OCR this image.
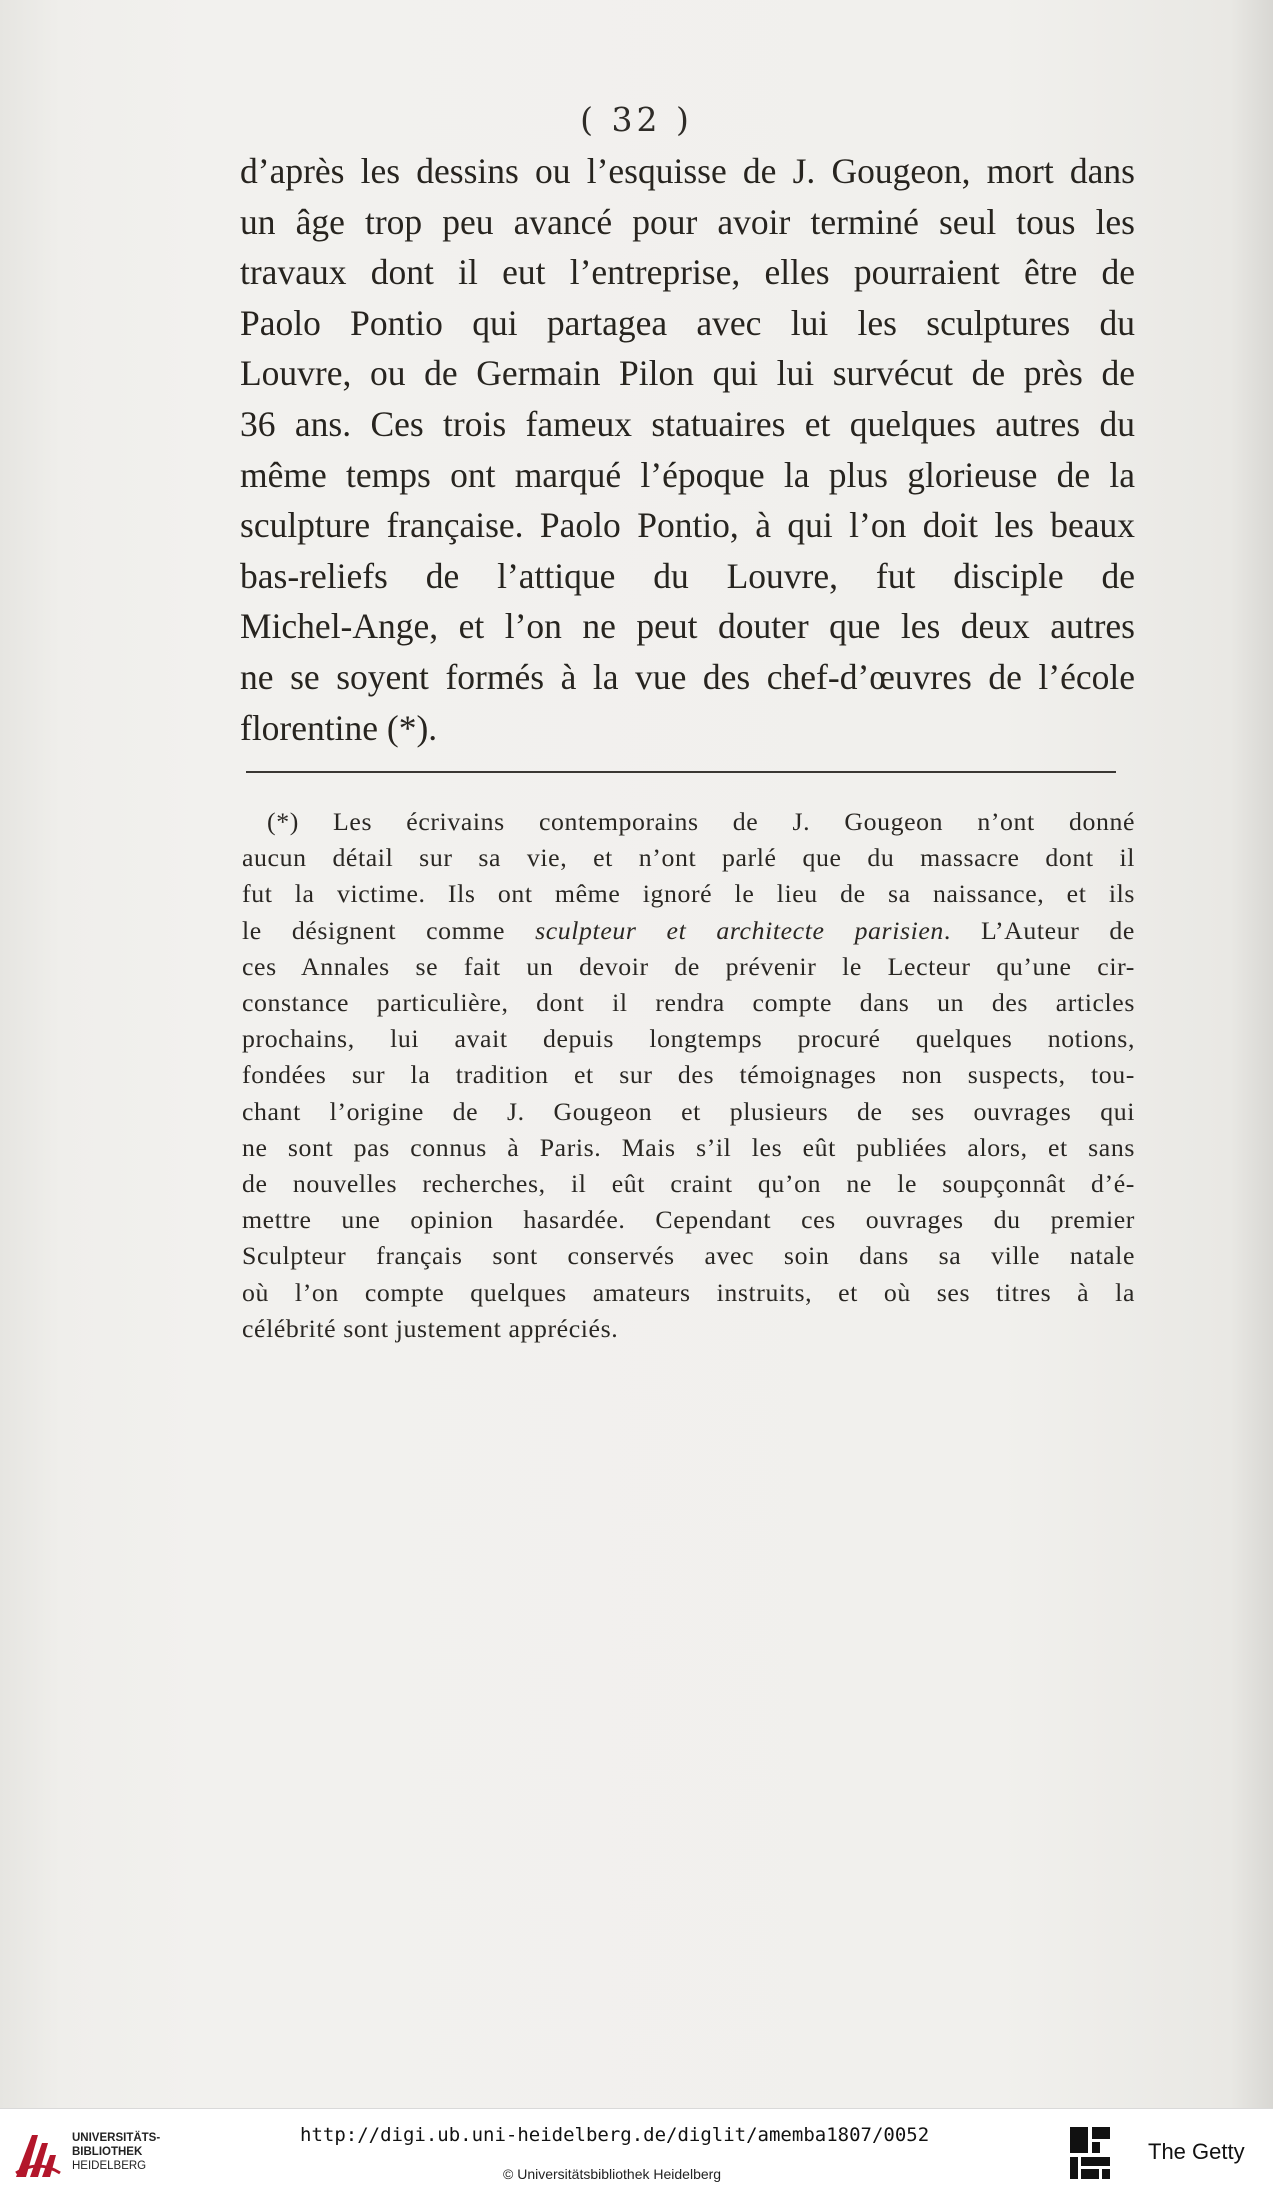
( 32 )
d’après les dessins ou l’esquisse de J. Gougeon, mort dans
un âge trop peu avancé pour avoir terminé seul tous les
travaux dont il eut l’entreprise, elles pourraient être de
Paolo Pontio qui partagea avec lui les sculptures du
Louvre, ou de Germain Pilon qui lui survécut de près de
36 ans. Ces trois fameux statuaires et quelques autres du
même temps ont marqué l’époque la plus glorieuse de la
sculpture française. Paolo Pontio, à qui l’on doit les beaux
bas-reliefs de l’attique du Louvre, fut disciple de
Michel-Ange, et l’on ne peut douter que les deux autres
ne se soyent formés à la vue des chef-d’œuvres de l’école
florentine (*).
(*) Les écrivains contemporains de J. Gougeon n’ont donné
aucun détail sur sa vie, et n’ont parlé que du massacre dont il
fut la victime. Ils ont même ignoré le lieu de sa naissance, et ils
le désignent comme sculpteur et architecte parisien. L’Auteur de
ces Annales se fait un devoir de prévenir le Lecteur qu’une cir-
constance particulière, dont il rendra compte dans un des articles
prochains, lui avait depuis longtemps procuré quelques notions,
fondées sur la tradition et sur des témoignages non suspects, tou-
chant l’origine de J. Gougeon et plusieurs de ses ouvrages qui
ne sont pas connus à Paris. Mais s’il les eût publiées alors, et sans
de nouvelles recherches, il eût craint qu’on ne le soupçonnât d’é-
mettre une opinion hasardée. Cependant ces ouvrages du premier
Sculpteur français sont conservés avec soin dans sa ville natale
où l’on compte quelques amateurs instruits, et où ses titres à la
célébrité sont justement appréciés.
UNIVERSITÄTS-
BIBLIOTHEK
HEIDELBERG
http://digi.ub.uni-heidelberg.de/diglit/amemba1807/0052
© Universitätsbibliothek Heidelberg
The Getty
